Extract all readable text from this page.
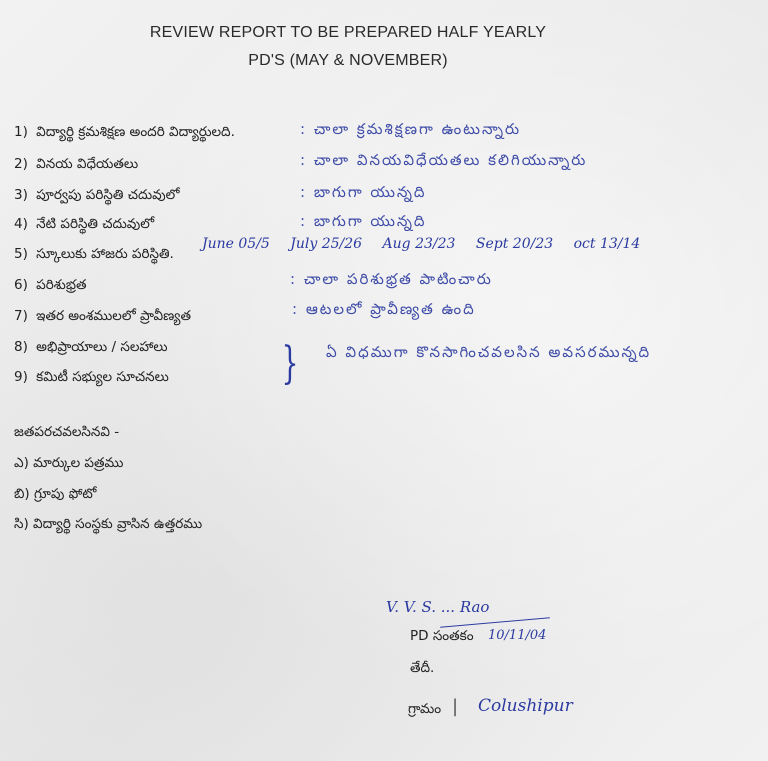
REVIEW REPORT TO BE PREPARED HALF YEARLY
PD'S (MAY & NOVEMBER)
1) విద్యార్థి క్రమశిక్షణ అందరి విద్యార్థులది.	: చాలా క్రమశిక్షణగా ఉంటున్నారు
2) వినయ విధేయతలు	: చాలా వినయవిధేయతలు కలిగియున్నారు
3) పూర్వపు పరిస్థితి చదువులో	: బాగుగా యున్నది
4) నేటి పరిస్థితి చదువులో	: బాగుగా యున్నది
5) స్కూలుకు హాజరు పరిస్థితి.
June 05/5 July 25/26 Aug 23/23 Sept 20/23 oct 13/14
6) పరిశుభ్రత	: చాలా పరిశుభ్రత పాటించారు
7) ఇతర అంశములలో ప్రావీణ్యత	: ఆటలలో ప్రావీణ్యత ఉంది
8) అభిప్రాయాలు / సలహాలు
9) కమిటీ సభ్యుల సూచనలు	} ఏ విధముగా కొనసాగించవలసిన అవసరమున్నది
జతపరచవలసినవి -
ఎ) మార్కుల పత్రము
బి) గ్రూపు ఫోటో
సి) విద్యార్థి సంస్థకు వ్రాసిన ఉత్తరము
V. V. S. ... Rao
PD సంతకం 10/11/04
తేదీ.
గ్రామం | Colushipur
